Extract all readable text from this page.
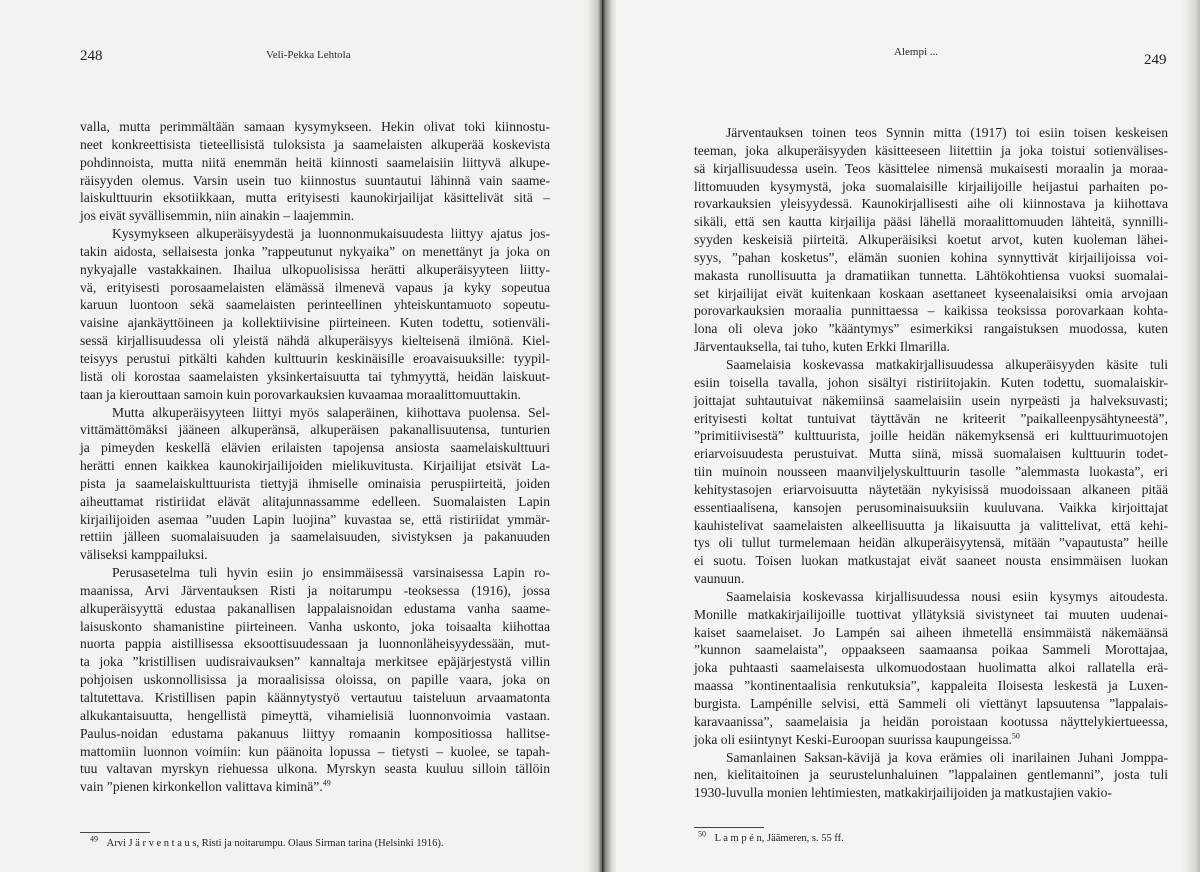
248	Veli-Pekka Lehtola
valla, mutta perimmältään samaan kysymykseen. Hekin olivat toki kiinnostu-
neet konkreettisista tieteellisistä tuloksista ja saamelaisten alkuperää koskevista
pohdinnoista, mutta niitä enemmän heitä kiinnosti saamelaisiin liittyvä alkupe-
räisyyden olemus. Varsin usein tuo kiinnostus suuntautui lähinnä vain saame-
laiskulttuurin eksotiikkaan, mutta erityisesti kaunokirjailijat käsittelivät sitä –
jos eivät syvällisemmin, niin ainakin – laajemmin.
Kysymykseen alkuperäisyydestä ja luonnonmukaisuudesta liittyy ajatus jos-
takin aidosta, sellaisesta jonka ”rappeutunut nykyaika” on menettänyt ja joka on
nykyajalle vastakkainen. Ihailua ulkopuolisissa herätti alkuperäisyyteen liitty-
vä, erityisesti porosaamelaisten elämässä ilmenevä vapaus ja kyky sopeutua
karuun luontoon sekä saamelaisten perinteellinen yhteiskuntamuoto sopeutu-
vaisine ajankäyttöineen ja kollektiivisine piirteineen. Kuten todettu, sotienväli-
sessä kirjallisuudessa oli yleistä nähdä alkuperäisyys kielteisenä ilmiönä. Kiel-
teisyys perustui pitkälti kahden kulttuurin keskinäisille eroavaisuuksille: tyypil-
listä oli korostaa saamelaisten yksinkertaisuutta tai tyhmyyttä, heidän laiskuut-
taan ja kierouttaan samoin kuin porovarkauksien kuvaamaa moraalittomuuttakin.
Mutta alkuperäisyyteen liittyi myös salaperäinen, kiihottava puolensa. Sel-
vittämättömäksi jääneen alkuperänsä, alkuperäisen pakanallisuutensa, tunturien
ja pimeyden keskellä elävien erilaisten tapojensa ansiosta saamelaiskulttuuri
herätti ennen kaikkea kaunokirjailijoiden mielikuvitusta. Kirjailijat etsivät La-
pista ja saamelaiskulttuurista tiettyjä ihmiselle ominaisia peruspiirteitä, joiden
aiheuttamat ristiriidat elävät alitajunnassamme edelleen. Suomalaisten Lapin
kirjailijoiden asemaa ”uuden Lapin luojina” kuvastaa se, että ristiriidat ymmär-
rettiin jälleen suomalaisuuden ja saamelaisuuden, sivistyksen ja pakanuuden
väliseksi kamppailuksi.
Perusasetelma tuli hyvin esiin jo ensimmäisessä varsinaisessa Lapin ro-
maanissa, Arvi Järventauksen Risti ja noitarumpu -teoksessa (1916), jossa
alkuperäisyyttä edustaa pakanallisen lappalaisnoidan edustama vanha saame-
laisuskonto shamanistine piirteineen. Vanha uskonto, joka toisaalta kiihottaa
nuorta pappia aistillisessa eksoottisuudessaan ja luonnonläheisyydessään, mut-
ta joka ”kristillisen uudisraivauksen” kannaltaja merkitsee epäjärjestystä villin
pohjoisen uskonnollisissa ja moraalisissa oloissa, on papille vaara, joka on
taltutettava. Kristillisen papin käännytystyö vertautuu taisteluun arvaamatonta
alkukantaisuutta, hengellistä pimeyttä, vihamielisiä luonnonvoimia vastaan.
Paulus-noidan edustama pakanuus liittyy romaanin kompositiossa hallitse-
mattomiin luonnon voimiin: kun päänoita lopussa – tietysti – kuolee, se tapah-
tuu valtavan myrskyn riehuessa ulkona. Myrskyn seasta kuuluu silloin tällöin
vain ”pienen kirkonkellon valittava kiminä”.$^{49}$
$^{49}$ Arvi J ä r v e n t a u s, Risti ja noitarumpu. Olaus Sirman tarina (Helsinki 1916).
Alempi ...	249
Järventauksen toinen teos Synnin mitta (1917) toi esiin toisen keskeisen
teeman, joka alkuperäisyyden käsitteeseen liitettiin ja joka toistui sotienvälises-
sä kirjallisuudessa usein. Teos käsittelee nimensä mukaisesti moraalin ja moraa-
littomuuden kysymystä, joka suomalaisille kirjailijoille heijastui parhaiten po-
rovarkauksien yleisyydessä. Kaunokirjallisesti aihe oli kiinnostava ja kiihottava
sikäli, että sen kautta kirjailija pääsi lähellä moraalittomuuden lähteitä, synnilli-
syyden keskeisiä piirteitä. Alkuperäisiksi koetut arvot, kuten kuoleman lähei-
syys, ”pahan kosketus”, elämän suonien kohina synnyttivät kirjailijoissa voi-
makasta runollisuutta ja dramatiikan tunnetta. Lähtökohtiensa vuoksi suomalai-
set kirjailijat eivät kuitenkaan koskaan asettaneet kyseenalaisiksi omia arvojaan
porovarkauksien moraalia punnittaessa – kaikissa teoksissa porovarkaan kohta-
lona oli oleva joko ”kääntymys” esimerkiksi rangaistuksen muodossa, kuten
Järventauksella, tai tuho, kuten Erkki Ilmarilla.
Saamelaisia koskevassa matkakirjallisuudessa alkuperäisyyden käsite tuli
esiin toisella tavalla, johon sisältyi ristiriitojakin. Kuten todettu, suomalaiskir-
joittajat suhtautuivat näkemiinsä saamelaisiin usein nyrpeästi ja halveksuvasti;
erityisesti koltat tuntuivat täyttävän ne kriteerit ”paikalleenpysähtyneestä”,
”primitiivisestä” kulttuurista, joille heidän näkemyksensä eri kulttuurimuotojen
eriarvoisuudesta perustuivat. Mutta siinä, missä suomalaisen kulttuurin todet-
tiin muinoin nousseen maanviljelyskulttuurin tasolle ”alemmasta luokasta”, eri
kehitystasojen eriarvoisuutta näytetään nykyisissä muodoissaan alkaneen pitää
essentiaalisena, kansojen perusominaisuuksiin kuuluvana. Vaikka kirjoittajat
kauhistelivat saamelaisten alkeellisuutta ja likaisuutta ja valittelivat, että kehi-
tys oli tullut turmelemaan heidän alkuperäisyytensä, mitään ”vapautusta” heille
ei suotu. Toisen luokan matkustajat eivät saaneet nousta ensimmäisen luokan
vaunuun.
Saamelaisia koskevassa kirjallisuudessa nousi esiin kysymys aitoudesta.
Monille matkakirjailijoille tuottivat yllätyksiä sivistyneet tai muuten uudenai-
kaiset saamelaiset. Jo Lampén sai aiheen ihmetellä ensimmäistä näkemäänsä
”kunnon saamelaista”, oppaakseen saamaansa poikaa Sammeli Morottajaa,
joka puhtaasti saamelaisesta ulkomuodostaan huolimatta alkoi rallatella erä-
maassa ”kontinentaalisia renkutuksia”, kappaleita Iloisesta leskestä ja Luxen-
burgista. Lampénille selvisi, että Sammeli oli viettänyt lapsuutensa ”lappalais-
karavaanissa”, saamelaisia ja heidän poroistaan kootussa näyttelykiertueessa,
joka oli esiintynyt Keski-Euroopan suurissa kaupungeissa.$^{50}$
Samanlainen Saksan-kävijä ja kova erämies oli inarilainen Juhani Jomppa-
nen, kielitaitoinen ja seurustelunhaluinen ”lappalainen gentlemanni”, josta tuli
1930-luvulla monien lehtimiesten, matkakirjailijoiden ja matkustajien vakio-
$^{50}$ L a m p é n, Jäämeren, s. 55 ff.
